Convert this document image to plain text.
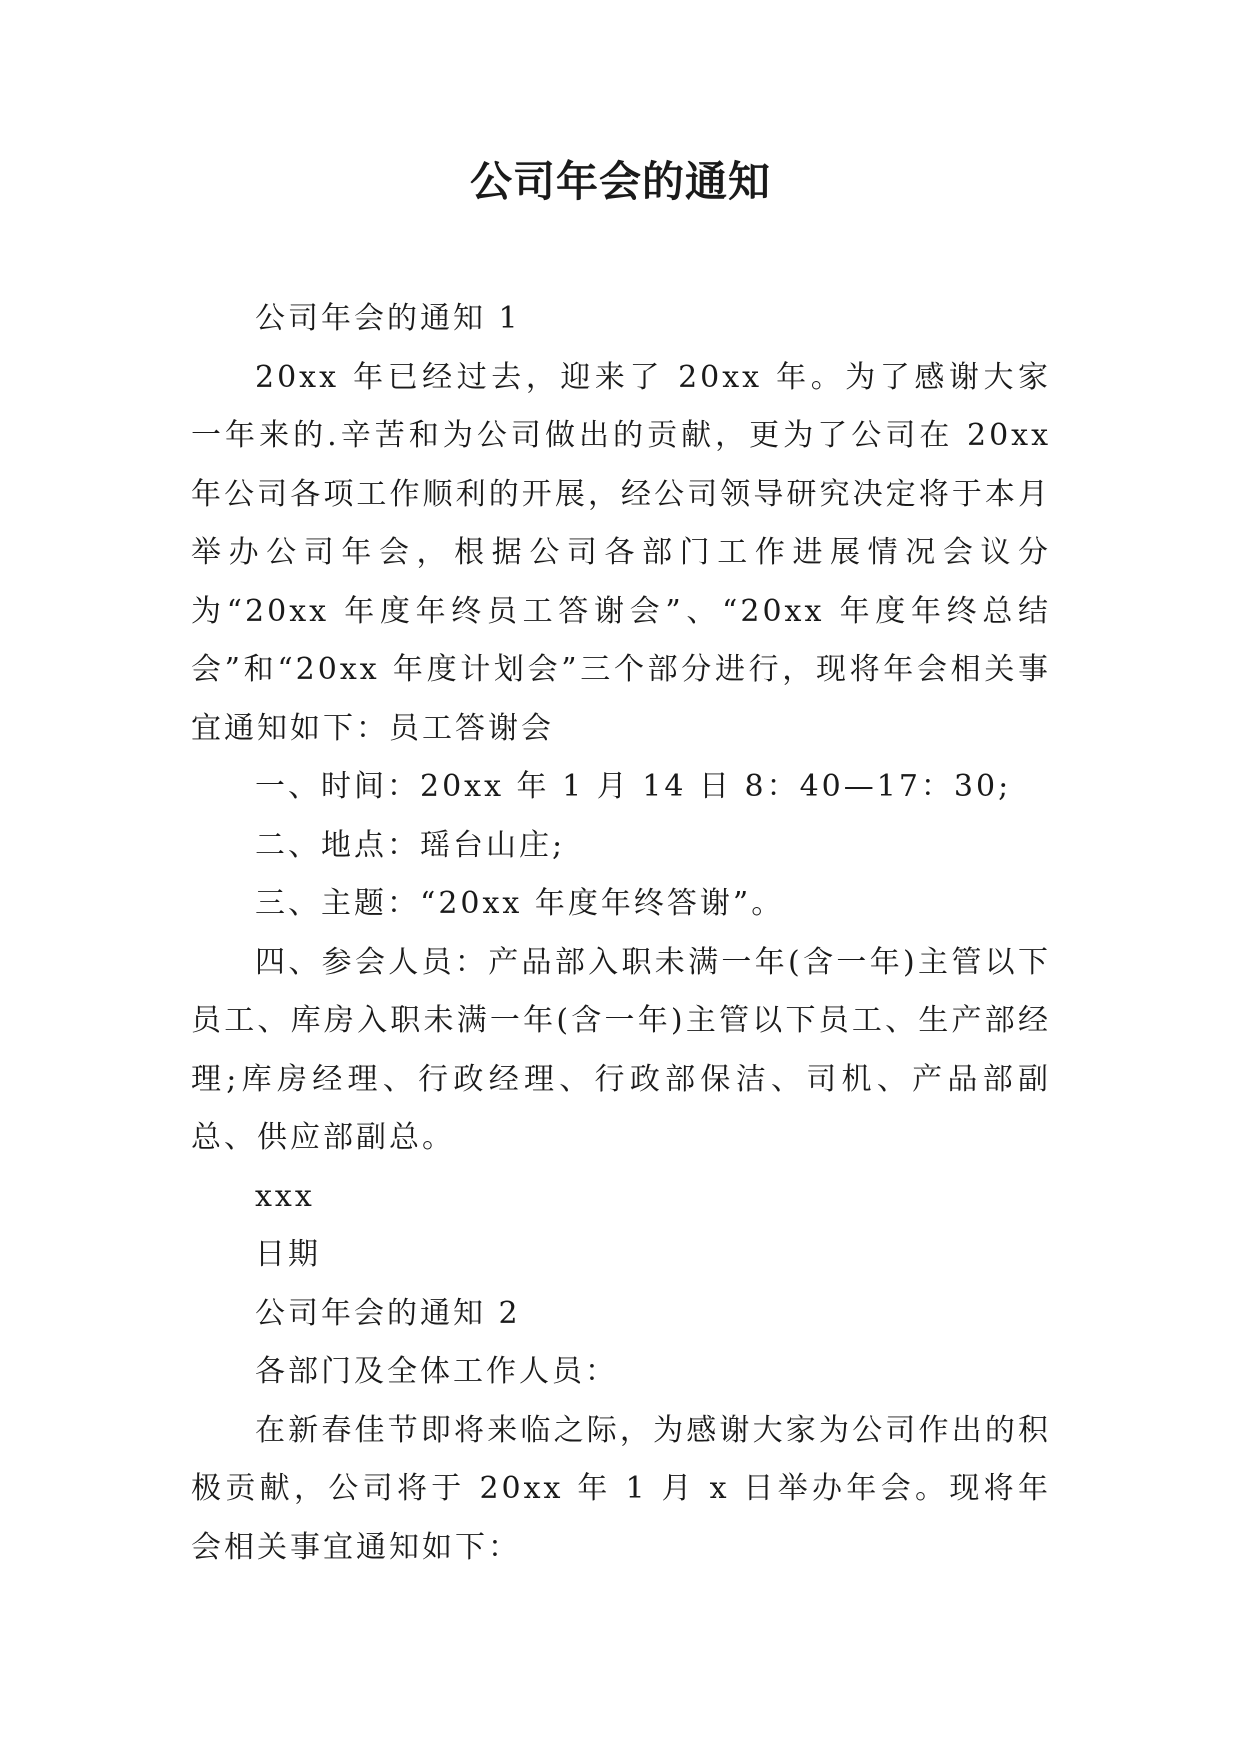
公司年会的通知

公司年会的通知 1

20xx 年已经过去，迎来了 20xx 年。为了感谢大家一年来的.辛苦和为公司做出的贡献，更为了公司在 20xx 年公司各项工作顺利的开展，经公司领导研究决定将于本月举办公司年会，根据公司各部门工作进展情况会议分为“20xx 年度年终员工答谢会”、“20xx 年度年终总结会”和“20xx 年度计划会”三个部分进行，现将年会相关事宜通知如下：员工答谢会

一、时间：20xx 年 1 月 14 日 8：40—17：30;

二、地点：瑶台山庄;

三、主题：“20xx 年度年终答谢”。

四、参会人员：产品部入职未满一年(含一年)主管以下员工、库房入职未满一年(含一年)主管以下员工、生产部经理;库房经理、行政经理、行政部保洁、司机、产品部副总、供应部副总。

xxx

日期

公司年会的通知 2

各部门及全体工作人员：

在新春佳节即将来临之际，为感谢大家为公司作出的积极贡献，公司将于 20xx 年 1 月 x 日举办年会。现将年会相关事宜通知如下：
